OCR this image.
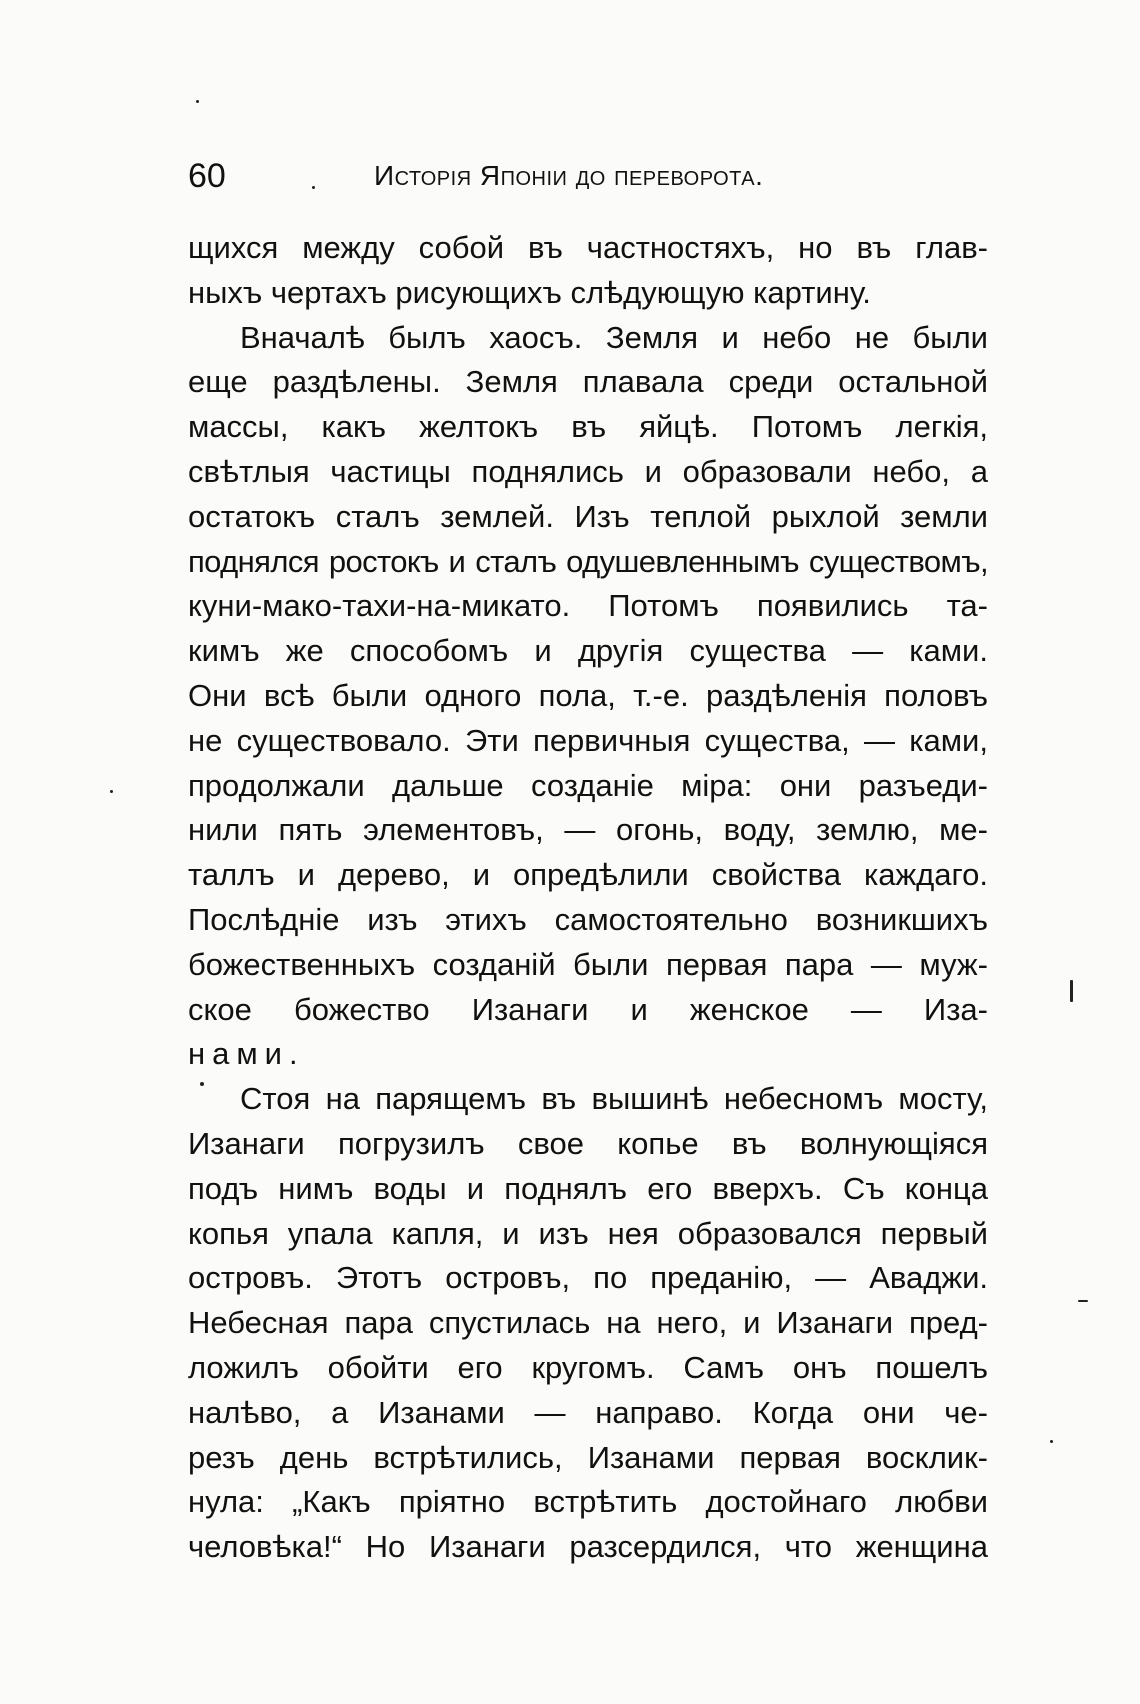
60	Исторія Японіи до переворота.
щихся между собой въ частностяхъ, но въ глав-
ныхъ чертахъ рисующихъ слѣдующую картину.
Вначалѣ былъ хаосъ. Земля и небо не были
еще раздѣлены. Земля плавала среди остальной
массы, какъ желтокъ въ яйцѣ. Потомъ легкія,
свѣтлыя частицы поднялись и образовали небо, а
остатокъ сталъ землей. Изъ теплой рыхлой земли
поднялся ростокъ и сталъ одушевленнымъ существомъ,
куни-мако-тахи-на-микато. Потомъ появились та-
кимъ же способомъ и другія существа — ками.
Они всѣ были одного пола, т.-е. раздѣленія половъ
не существовало. Эти первичныя существа, — ками,
продолжали дальше созданіе міра: они разъеди-
нили пять элементовъ, — огонь, воду, землю, ме-
таллъ и дерево, и опредѣлили свойства каждаго.
Послѣдніе изъ этихъ самостоятельно возникшихъ
божественныхъ созданій были первая пара — муж-
ское божество Изанаги и женское — Иза-
нами.
Стоя на парящемъ въ вышинѣ небесномъ мосту,
Изанаги погрузилъ свое копье въ волнующіяся
подъ нимъ воды и поднялъ его вверхъ. Съ конца
копья упала капля, и изъ нея образовался первый
островъ. Этотъ островъ, по преданію, — Аваджи.
Небесная пара спустилась на него, и Изанаги пред-
ложилъ обойти его кругомъ. Самъ онъ пошелъ
налѣво, а Изанами — направо. Когда они че-
резъ день встрѣтились, Изанами первая восклик-
нула: „Какъ пріятно встрѣтить достойнаго любви
человѣка!“ Но Изанаги разсердился, что женщина
